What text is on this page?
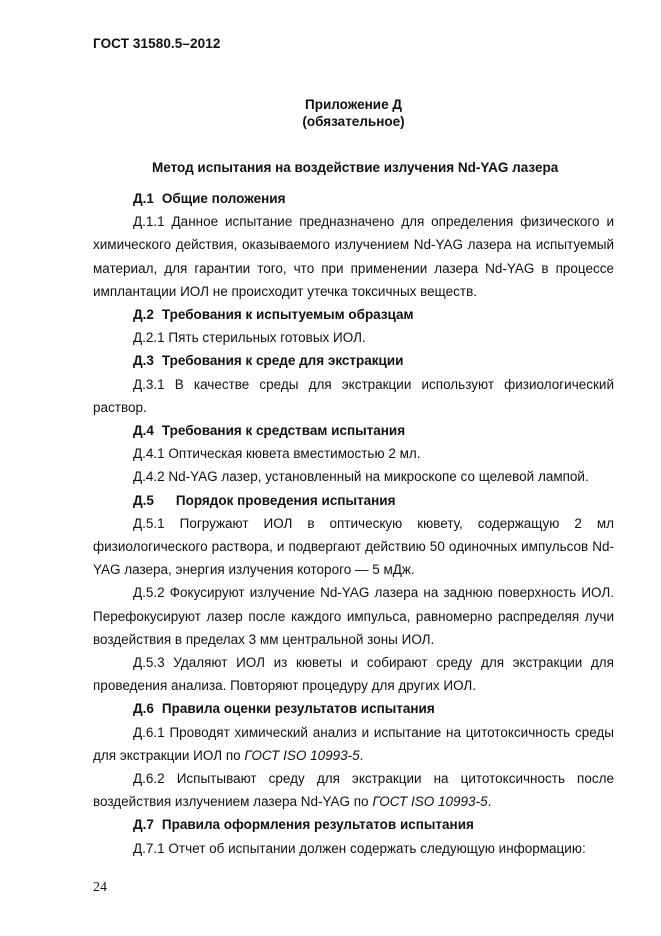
ГОСТ 31580.5–2012
Приложение Д
(обязательное)
Метод испытания на воздействие излучения Nd-YAG лазера
Д.1 Общие положения

Д.1.1 Данное испытание предназначено для определения физического и химического действия, оказываемого излучением Nd-YAG лазера на испытуемый материал, для гарантии того, что при применении лазера Nd-YAG в процессе имплантации ИОЛ не происходит утечка токсичных веществ.

Д.2 Требования к испытуемым образцам

Д.2.1 Пять стерильных готовых ИОЛ.

Д.3 Требования к среде для экстракции

Д.3.1 В качестве среды для экстракции используют физиологический раствор.

Д.4 Требования к средствам испытания

Д.4.1 Оптическая кювета вместимостью 2 мл.

Д.4.2 Nd-YAG лазер, установленный на микроскопе со щелевой лампой.

Д.5 Порядок проведения испытания

Д.5.1 Погружают ИОЛ в оптическую кювету, содержащую 2 мл физиологического раствора, и подвергают действию 50 одиночных импульсов Nd-YAG лазера, энергия излучения которого — 5 мДж.

Д.5.2 Фокусируют излучение Nd-YAG лазера на заднюю поверхность ИОЛ. Перефокусируют лазер после каждого импульса, равномерно распределяя лучи воздействия в пределах 3 мм центральной зоны ИОЛ.

Д.5.3 Удаляют ИОЛ из кюветы и собирают среду для экстракции для проведения анализа. Повторяют процедуру для других ИОЛ.

Д.6 Правила оценки результатов испытания

Д.6.1 Проводят химический анализ и испытание на цитотоксичность среды для экстракции ИОЛ по ГОСТ ISO 10993-5.

Д.6.2 Испытывают среду для экстракции на цитотоксичность после воздействия излучением лазера Nd-YAG по ГОСТ ISO 10993-5.

Д.7 Правила оформления результатов испытания

Д.7.1 Отчет об испытании должен содержать следующую информацию:

24
